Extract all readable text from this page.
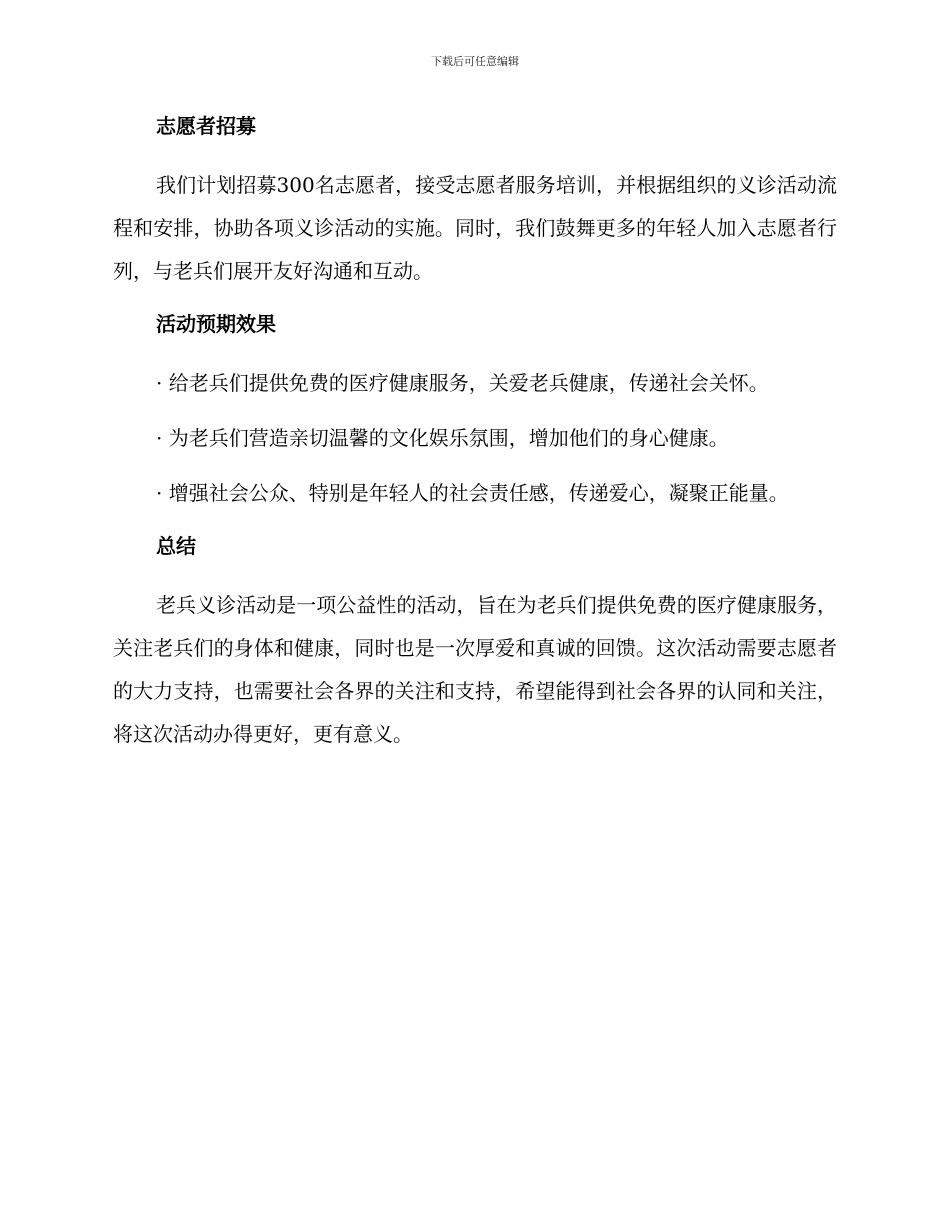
下载后可任意编辑
志愿者招募

我们计划招募300名志愿者，接受志愿者服务培训，并根据组织的义诊活动流程和安排，协助各项义诊活动的实施。同时，我们鼓舞更多的年轻人加入志愿者行列，与老兵们展开友好沟通和互动。

活动预期效果

· 给老兵们提供免费的医疗健康服务，关爱老兵健康，传递社会关怀。

· 为老兵们营造亲切温馨的文化娱乐氛围，增加他们的身心健康。

· 增强社会公众、特别是年轻人的社会责任感，传递爱心，凝聚正能量。

总结

老兵义诊活动是一项公益性的活动，旨在为老兵们提供免费的医疗健康服务，关注老兵们的身体和健康，同时也是一次厚爱和真诚的回馈。这次活动需要志愿者的大力支持，也需要社会各界的关注和支持，希望能得到社会各界的认同和关注，将这次活动办得更好，更有意义。
